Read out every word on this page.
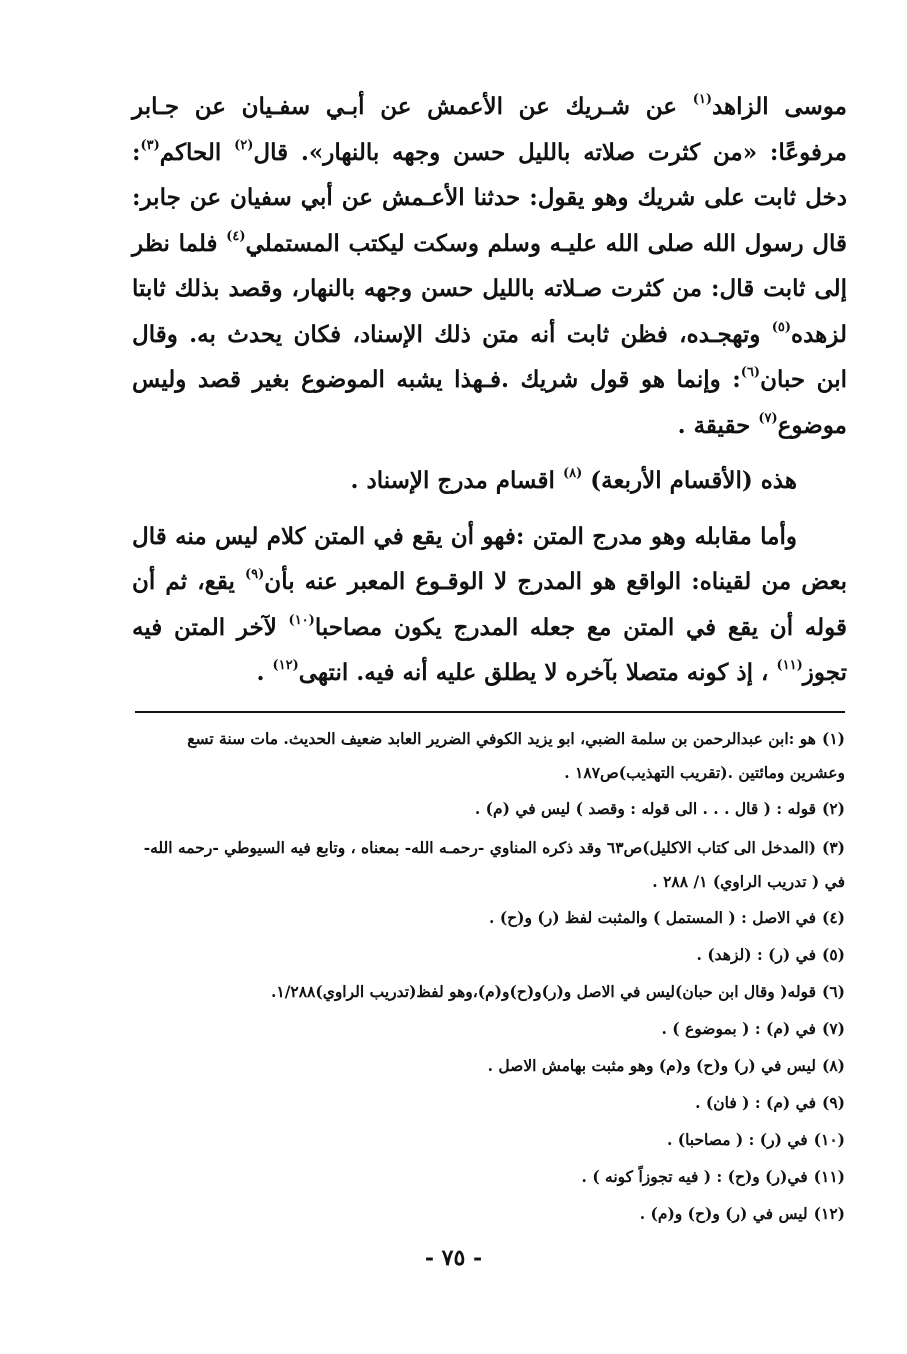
موسى الزاهد$^{(١)}$ عن شـريك عن الأعمش عن أبـي سفـيان عن جـابر مرفوعًا: «من كثرت صلاته بالليل حسن وجهه بالنهار». قال$^{(٢)}$ الحاكم$^{(٣)}$: دخل ثابت على شريك وهو يقول: حدثنا الأعـمش عن أبي سفيان عن جابر: قال رسول الله صلى الله عليـه وسلم وسكت ليكتب المستملي$^{(٤)}$ فلما نظر إلى ثابت قال: من كثرت صـلاته بالليل حسن وجهه بالنهار، وقصد بذلك ثابتا لزهده$^{(٥)}$ وتهجـده، فظن ثابت أنه متن ذلك الإسناد، فكان يحدث به. وقال ابن حبان$^{(٦)}$: وإنما هو قول شريك .فـهذا يشبه الموضوع بغير قصد وليس موضوع$^{(٧)}$ حقيقة .

هذه (الأقسام الأربعة) $^{(٨)}$ اقسام مدرج الإسناد .

وأما مقابله وهو مدرج المتن :فهو أن يقع في المتن كلام ليس منه قال بعض من لقيناه: الواقع هو المدرج لا الوقـوع المعبر عنه بأن$^{(٩)}$ يقع، ثم أن قوله أن يقع في المتن مع جعله المدرج يكون مصاحبا$^{(١٠)}$ لآخر المتن فيه تجوز$^{(١١)}$ ، إذ كونه متصلا بآخره لا يطلق عليه أنه فيه. انتهى$^{(١٢)}$ .

(١)هو :ابن عبدالرحمن بن سلمة الضبي، ابو يزيد الكوفي الضرير العابد ضعيف الحديث. مات سنة تسع وعشرين ومائتين .(تقريب التهذيب)ص١٨٧ .

(٢)قوله : ( قال . . . الى قوله : وقصد ) ليس في (م) .

(٣)(المدخل الى كتاب الاكليل)ص٦٣ وقد ذكره المناوي -رحمـه الله- بمعناه ، وتابع فيه السيوطي -رحمه الله- في ( تدريب الراوي) ١/ ٢٨٨ .

(٤)في الاصل : ( المستمل ) والمثبت لفظ (ر) و(ح) .

(٥)في (ر) : (لزهد) .

(٦)قوله( وقال ابن حبان)ليس في الاصل و(ر)و(ح)و(م)،وهو لفظ(تدريب الراوي)١/٢٨٨.

(٧)في (م) : ( بموضوع ) .

(٨)ليس في (ر) و(ح) و(م) وهو مثبت بهامش الاصل .

(٩)في (م) : ( فان) .

(١٠)في (ر) : ( مصاحبا) .

(١١)في(ر) و(ح) : ( فيه تجوزاً كونه ) .

(١٢)ليس في (ر) و(ح) و(م) .

- ٧٥ -
